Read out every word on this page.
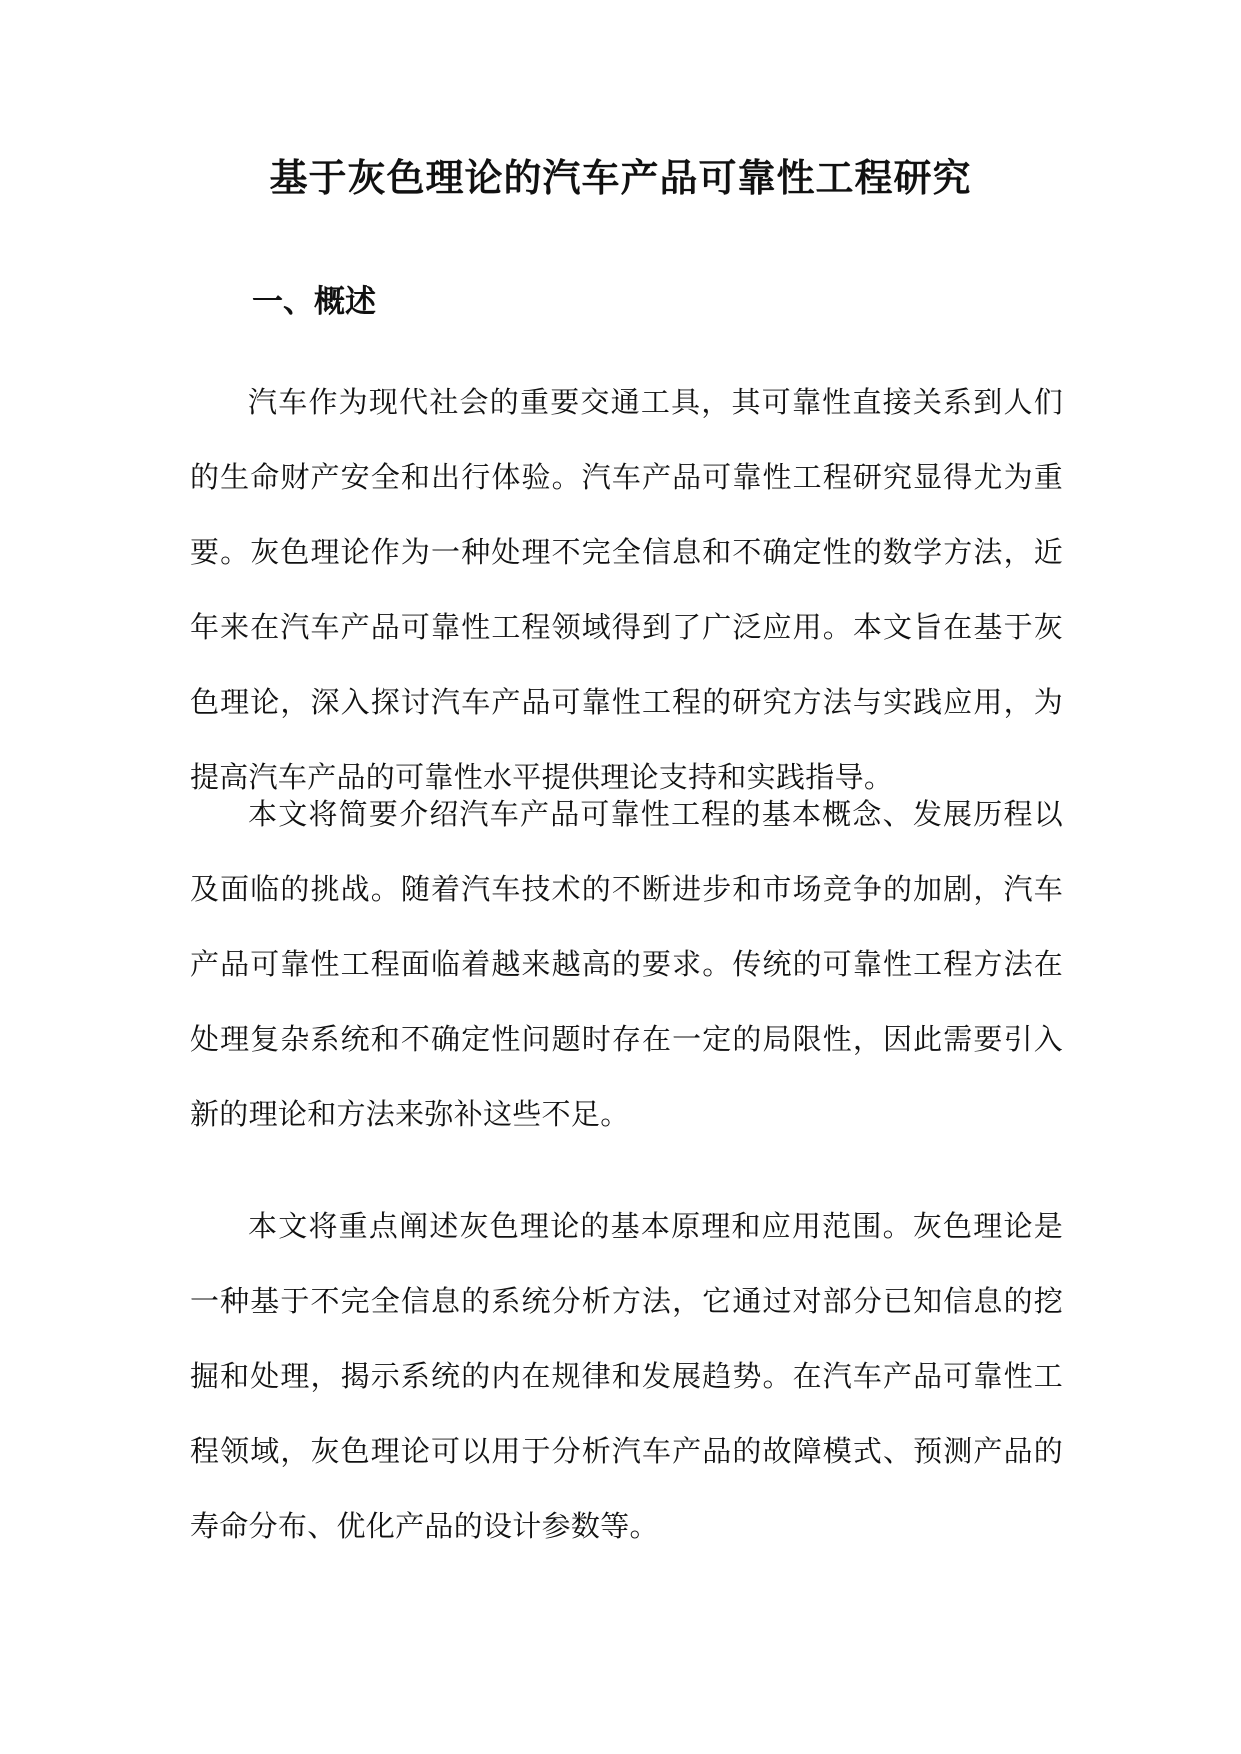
基于灰色理论的汽车产品可靠性工程研究
一、概述

汽车作为现代社会的重要交通工具，其可靠性直接关系到人们的生命财产安全和出行体验。汽车产品可靠性工程研究显得尤为重要。灰色理论作为一种处理不完全信息和不确定性的数学方法，近年来在汽车产品可靠性工程领域得到了广泛应用。本文旨在基于灰色理论，深入探讨汽车产品可靠性工程的研究方法与实践应用，为提高汽车产品的可靠性水平提供理论支持和实践指导。

本文将简要介绍汽车产品可靠性工程的基本概念、发展历程以及面临的挑战。随着汽车技术的不断进步和市场竞争的加剧，汽车产品可靠性工程面临着越来越高的要求。传统的可靠性工程方法在处理复杂系统和不确定性问题时存在一定的局限性，因此需要引入新的理论和方法来弥补这些不足。

本文将重点阐述灰色理论的基本原理和应用范围。灰色理论是一种基于不完全信息的系统分析方法，它通过对部分已知信息的挖掘和处理，揭示系统的内在规律和发展趋势。在汽车产品可靠性工程领域，灰色理论可以用于分析汽车产品的故障模式、预测产品的寿命分布、优化产品的设计参数等。
